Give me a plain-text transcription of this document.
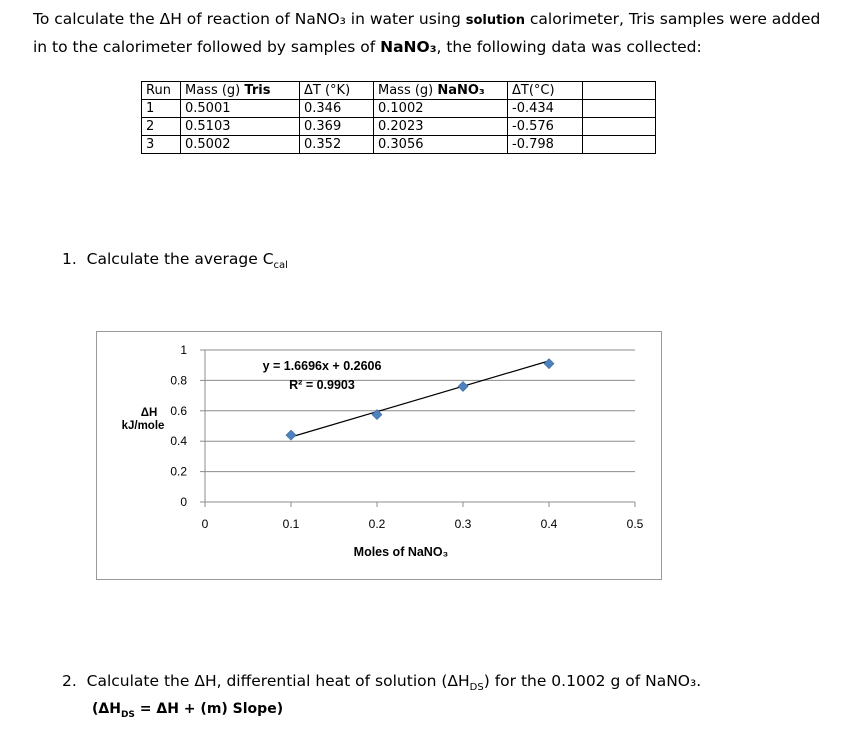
To calculate the ΔH of reaction of NaNO₃ in water using solution calorimeter, Tris samples were added in to the calorimeter followed by samples of NaNO₃, the following data was collected:
Run	Mass (g) Tris	ΔT (°K)	Mass (g) NaNO₃	ΔT(°C)	
1	0.5001	0.346	0.1002	-0.434	
2	0.5103	0.369	0.2023	-0.576	
3	0.5002	0.352	0.3056	-0.798	
1. Calculate the average $C_{cal}$
0
0.2
0.4
0.6
0.8
1
0	0.1	0.2	0.3	0.4	0.5
y = 1.6696x + 0.2606
R² = 0.9903
Moles of NaNO₃
ΔH
kJ/mole
2. Calculate the ΔH, differential heat of solution $(\Delta H_{DS})$ for the 0.1002 g of NaNO₃.
($\Delta H_{DS} = \Delta H + (m)$ Slope)
